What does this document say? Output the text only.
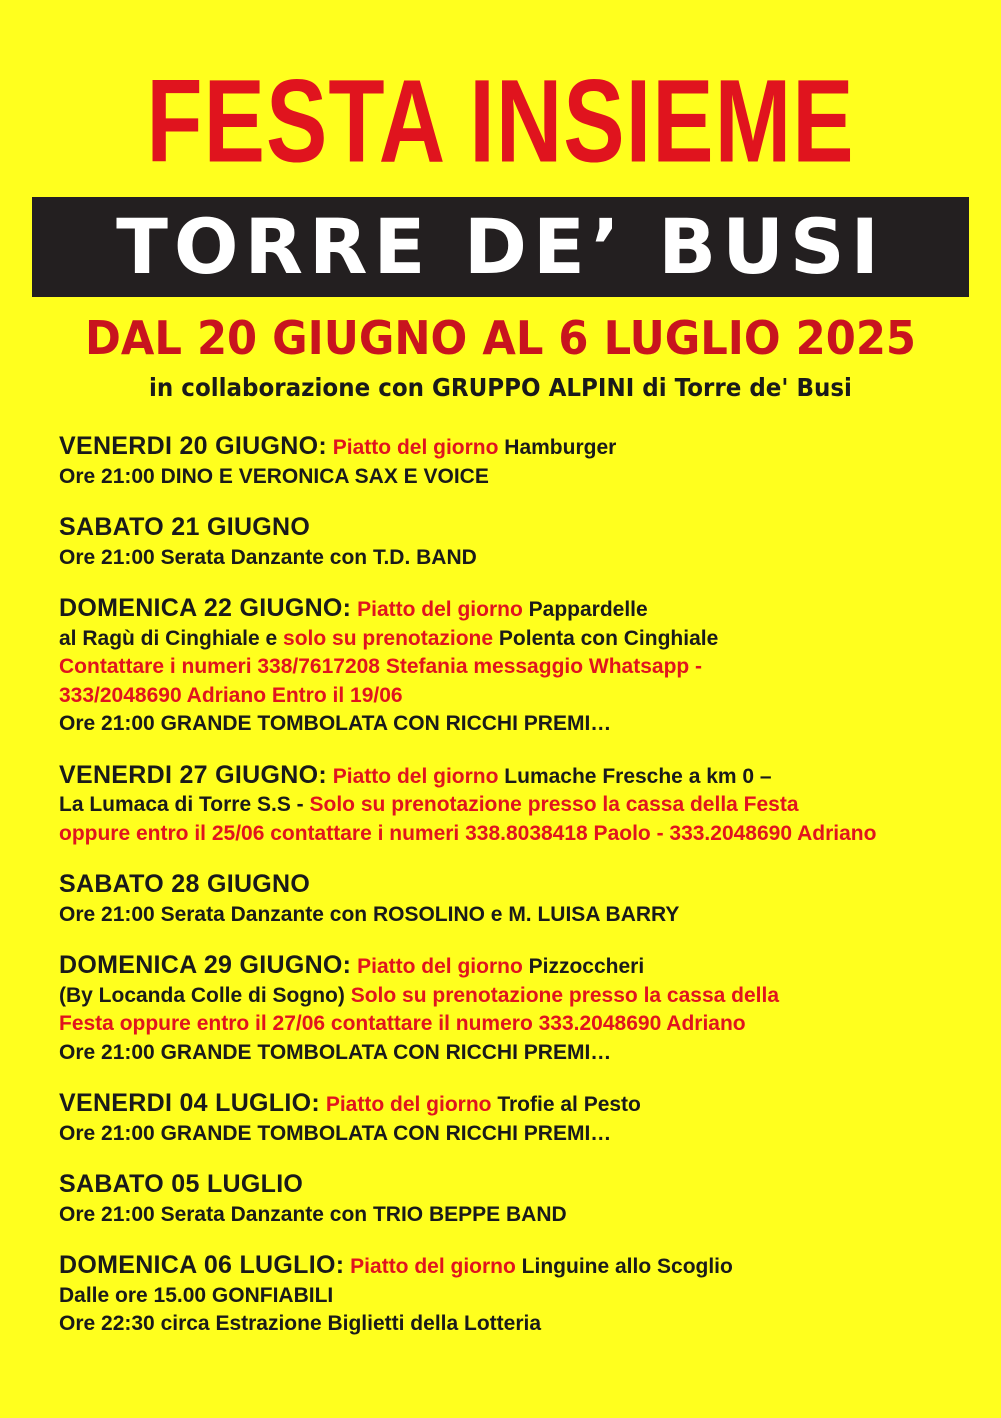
FESTA INSIEME
TORRE DE’ BUSI
DAL 20 GIUGNO AL 6 LUGLIO 2025
in collaborazione con GRUPPO ALPINI di Torre de' Busi
VENERDI 20 GIUGNO: Piatto del giorno Hamburger
Ore 21:00 DINO E VERONICA SAX E VOICE
SABATO 21 GIUGNO
Ore 21:00 Serata Danzante con T.D. BAND
DOMENICA 22 GIUGNO: Piatto del giorno Pappardelle
al Ragù di Cinghiale e solo su prenotazione Polenta con Cinghiale
Contattare i numeri 338/7617208 Stefania messaggio Whatsapp -
333/2048690 Adriano Entro il 19/06
Ore 21:00 GRANDE TOMBOLATA CON RICCHI PREMI…
VENERDI 27 GIUGNO: Piatto del giorno Lumache Fresche a km 0 –
La Lumaca di Torre S.S - Solo su prenotazione presso la cassa della Festa
oppure entro il 25/06 contattare i numeri 338.8038418 Paolo - 333.2048690 Adriano
SABATO 28 GIUGNO
Ore 21:00 Serata Danzante con ROSOLINO e M. LUISA BARRY
DOMENICA 29 GIUGNO: Piatto del giorno Pizzoccheri
(By Locanda Colle di Sogno) Solo su prenotazione presso la cassa della
Festa oppure entro il 27/06 contattare il numero 333.2048690 Adriano
Ore 21:00 GRANDE TOMBOLATA CON RICCHI PREMI…
VENERDI 04 LUGLIO: Piatto del giorno Trofie al Pesto
Ore 21:00 GRANDE TOMBOLATA CON RICCHI PREMI…
SABATO 05 LUGLIO
Ore 21:00 Serata Danzante con TRIO BEPPE BAND
DOMENICA 06 LUGLIO: Piatto del giorno Linguine allo Scoglio
Dalle ore 15.00 GONFIABILI
Ore 22:30 circa Estrazione Biglietti della Lotteria
